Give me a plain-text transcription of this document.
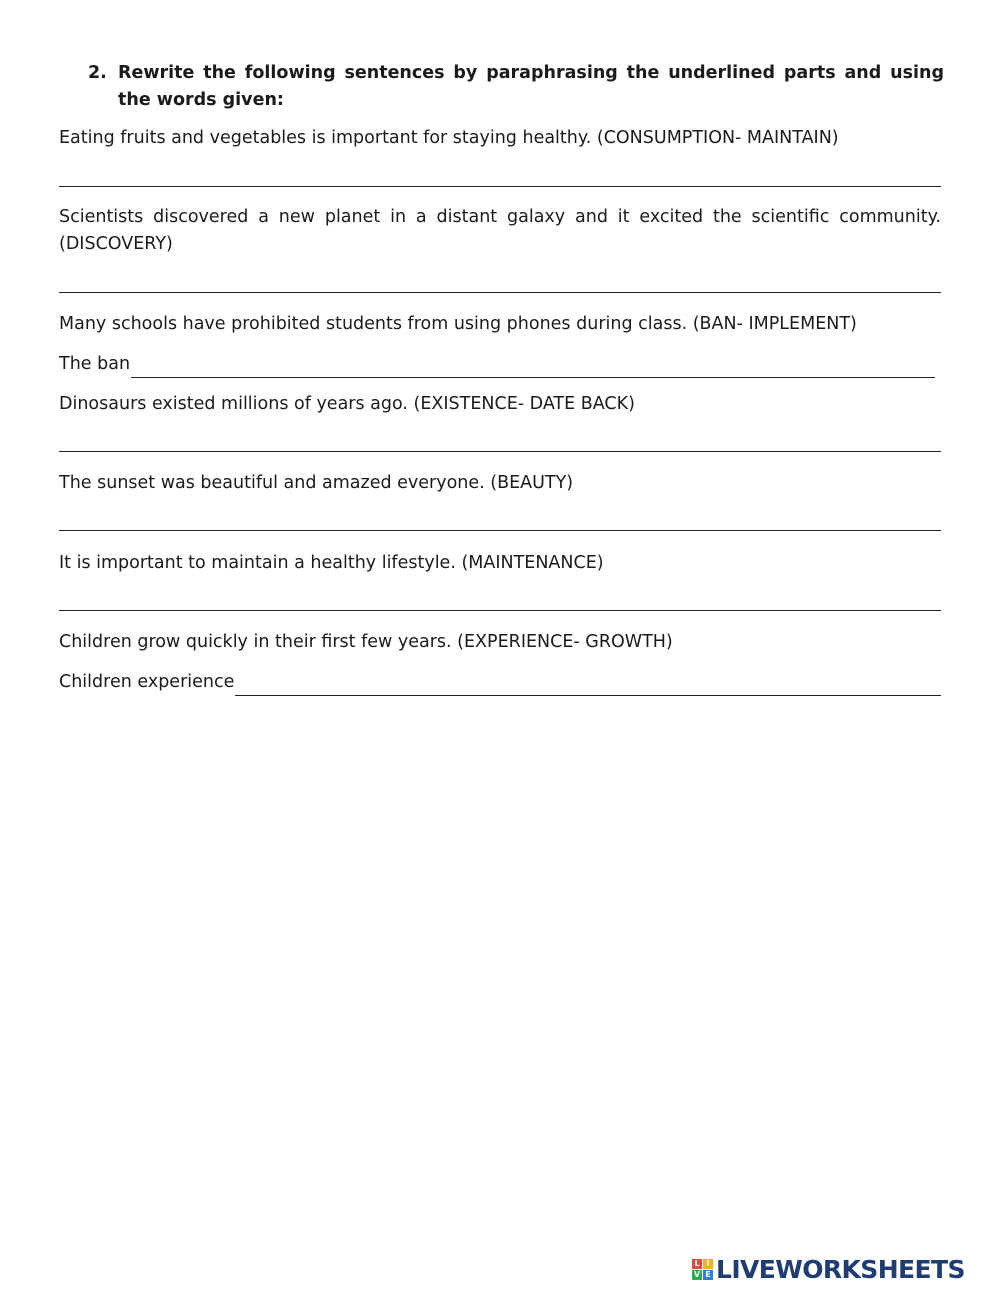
2. Rewrite the following sentences by paraphrasing the underlined parts and using the words given:
Eating fruits and vegetables is important for staying healthy. (CONSUMPTION- MAINTAIN)
Scientists discovered a new planet in a distant galaxy and it excited the scientific community. (DISCOVERY)
Many schools have prohibited students from using phones during class. (BAN- IMPLEMENT)
The ban
Dinosaurs existed millions of years ago. (EXISTENCE- DATE BACK)
The sunset was beautiful and amazed everyone. (BEAUTY)
It is important to maintain a healthy lifestyle. (MAINTENANCE)
Children grow quickly in their first few years. (EXPERIENCE- GROWTH)
Children experience
L I
V E LIVEWORKSHEETS
